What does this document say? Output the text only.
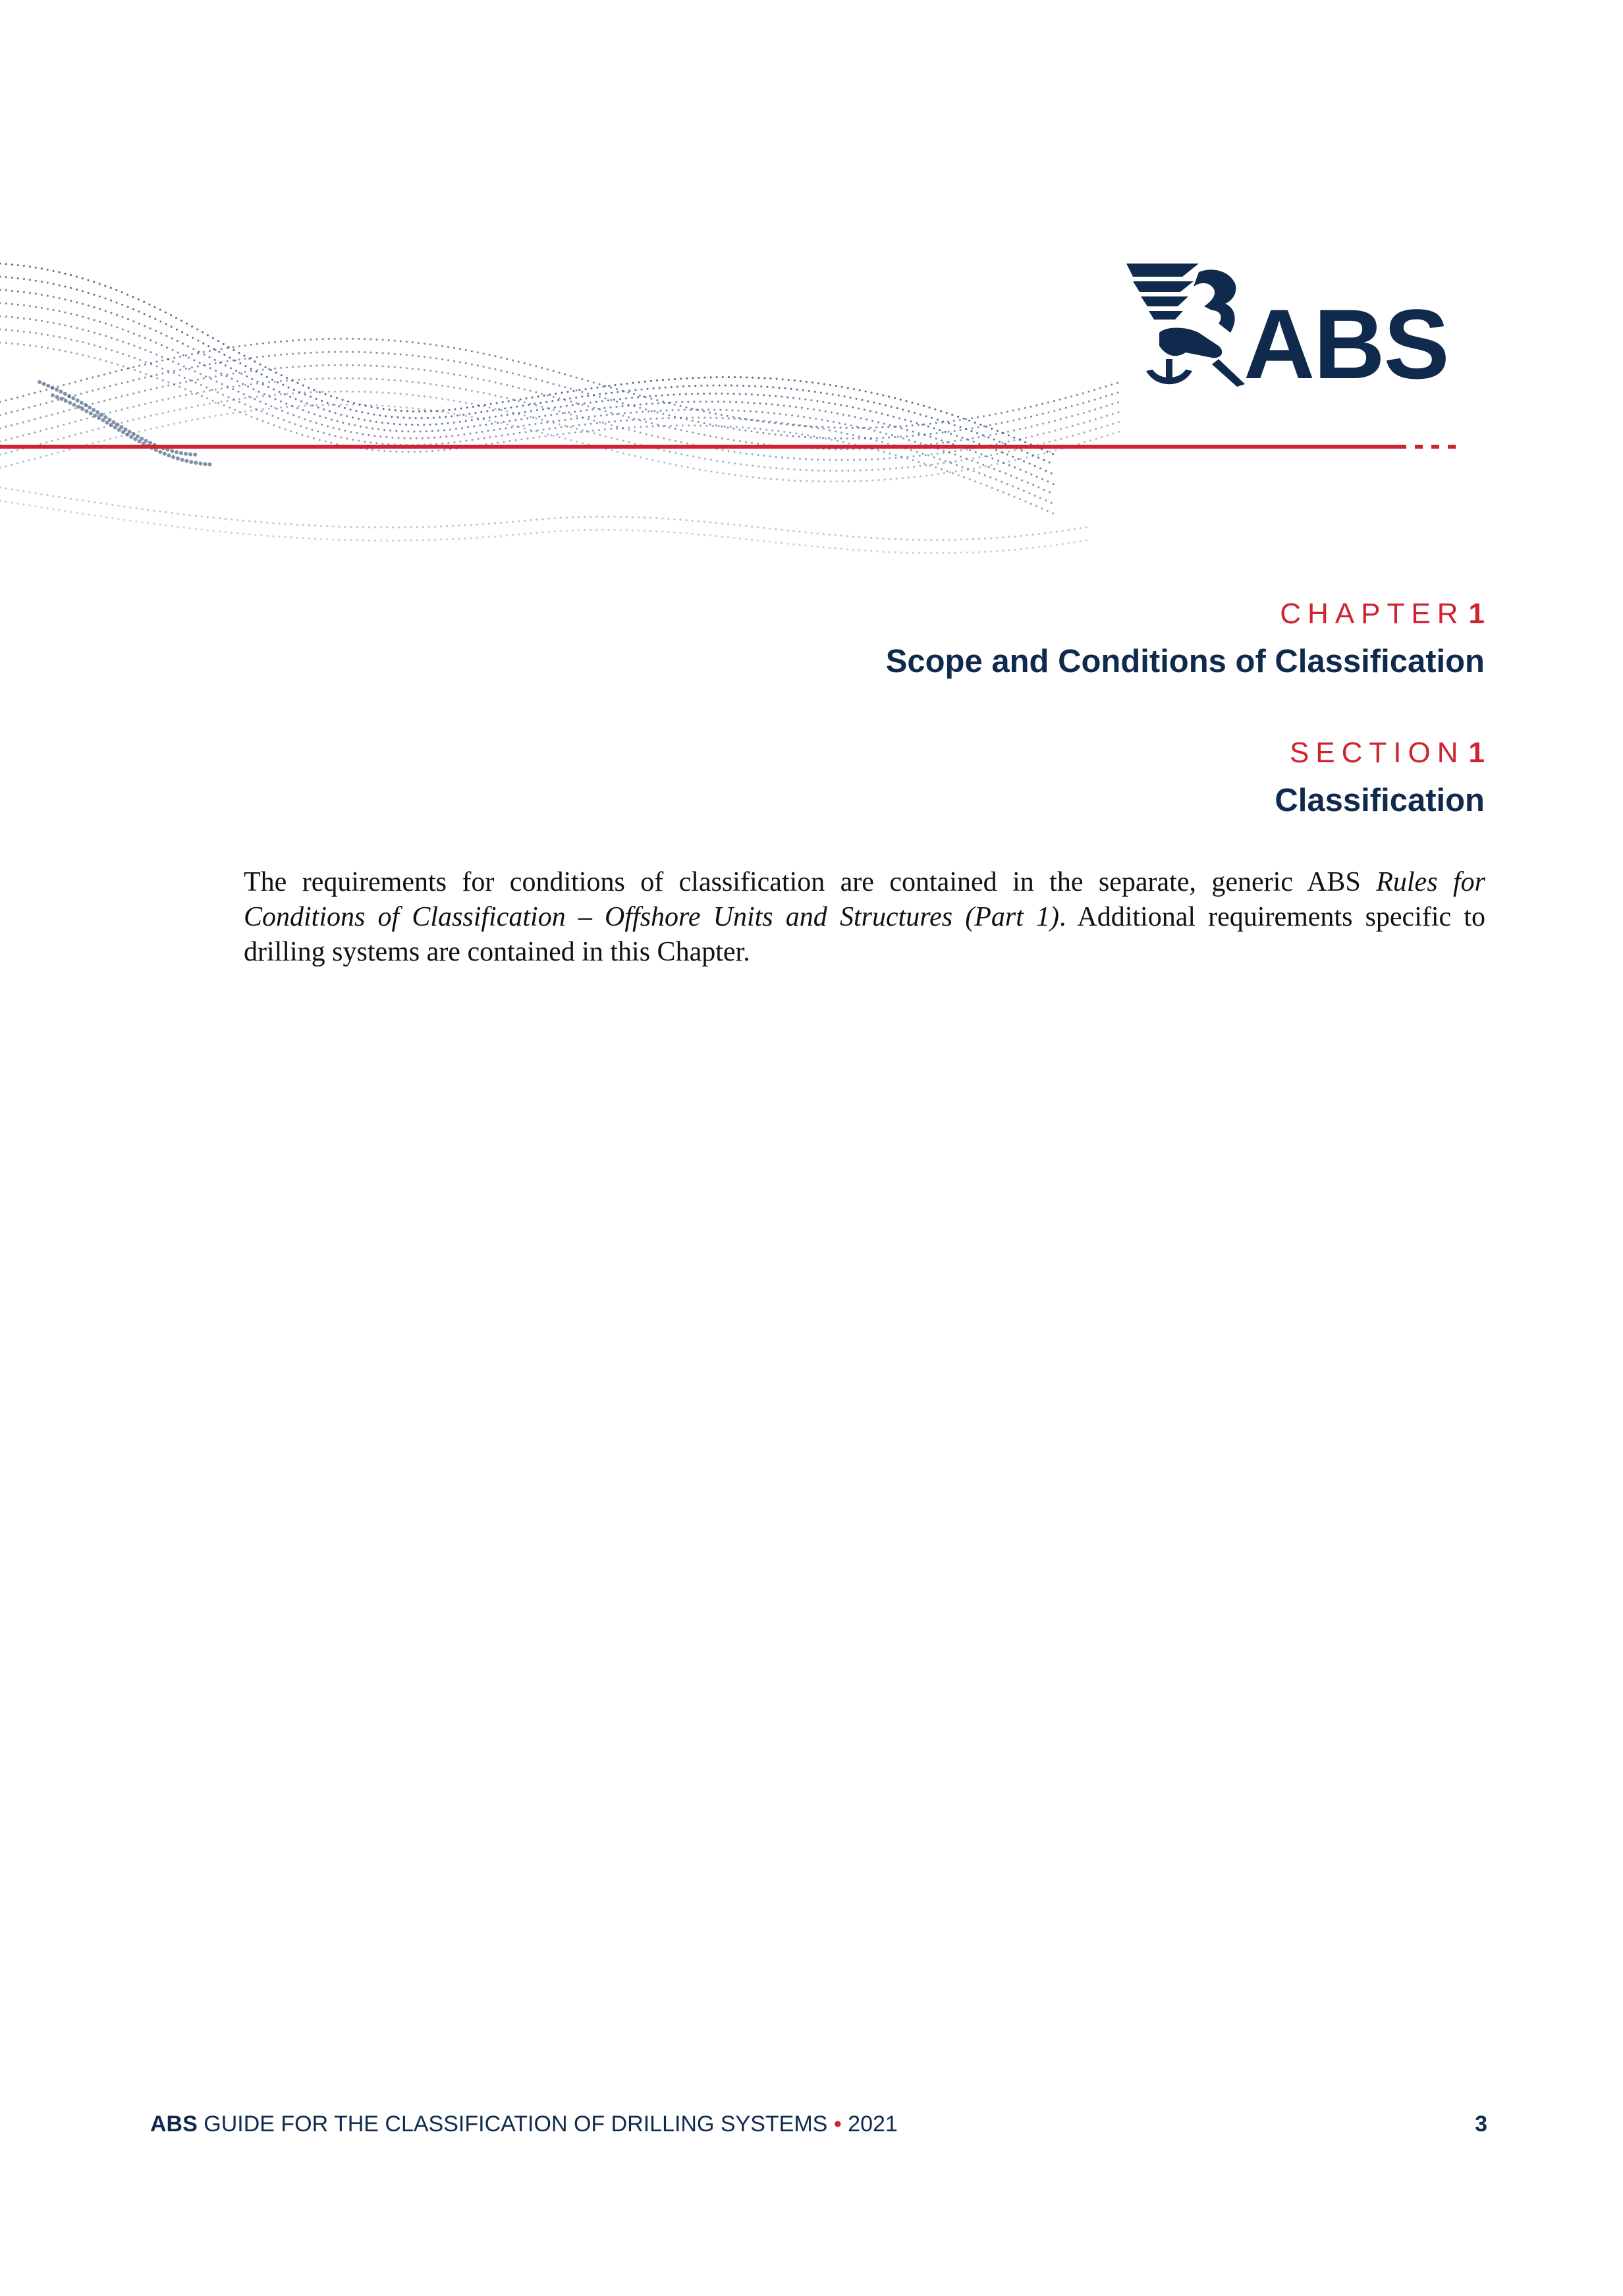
ABS
CHAPTER 1
Scope and Conditions of Classification
SECTION 1
Classification

The requirements for conditions of classification are contained in the separate, generic ABS Rules for Conditions of Classification – Offshore Units and Structures (Part 1). Additional requirements specific to drilling systems are contained in this Chapter.

ABS GUIDE FOR THE CLASSIFICATION OF DRILLING SYSTEMS • 2021	3
